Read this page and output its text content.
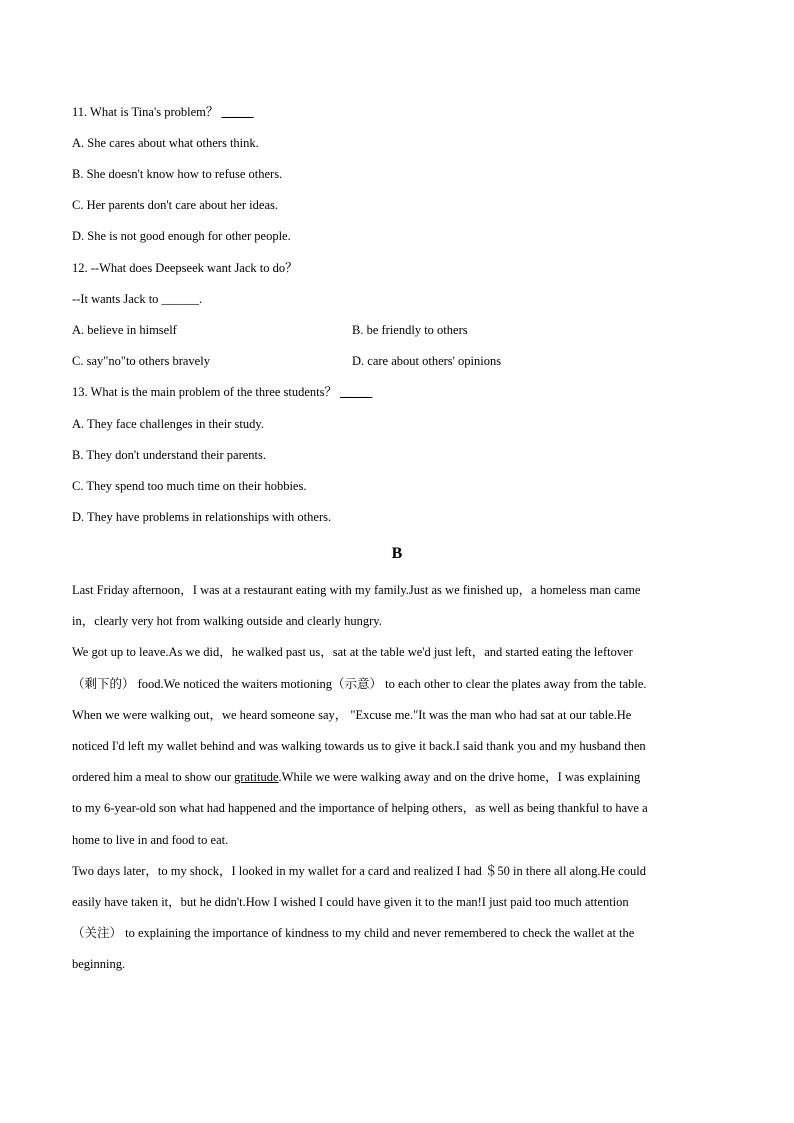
11. What is Tina's problem？ ______
A. She cares about what others think.
B. She doesn't know how to refuse others.
C. Her parents don't care about her ideas.
D. She is not good enough for other people.
12. --What does Deepseek want Jack to do？
--It wants Jack to ______.
A. believe in himself	B. be friendly to others
C. say"no"to others bravely	D. care about others' opinions
13. What is the main problem of the three students？ ______
A. They face challenges in their study.
B. They don't understand their parents.
C. They spend too much time on their hobbies.
D. They have problems in relationships with others.
B
Last Friday afternoon，I was at a restaurant eating with my family.Just as we finished up，a homeless man came
in，clearly very hot from walking outside and clearly hungry.
We got up to leave.As we did，he walked past us，sat at the table we'd just left，and started eating the leftover
（剩下的） food.We noticed the waiters motioning（示意） to each other to clear the plates away from the table.
When we were walking out，we heard someone say， "Excuse me."It was the man who had sat at our table.He
noticed I'd left my wallet behind and was walking towards us to give it back.I said thank you and my husband then
ordered him a meal to show our gratitude.While we were walking away and on the drive home，I was explaining
to my 6-year-old son what had happened and the importance of helping others，as well as being thankful to have a
home to live in and food to eat.
Two days later，to my shock，I looked in my wallet for a card and realized I had ＄50 in there all along.He could
easily have taken it，but he didn't.How I wished I could have given it to the man!I just paid too much attention
（关注） to explaining the importance of kindness to my child and never remembered to check the wallet at the
beginning.
